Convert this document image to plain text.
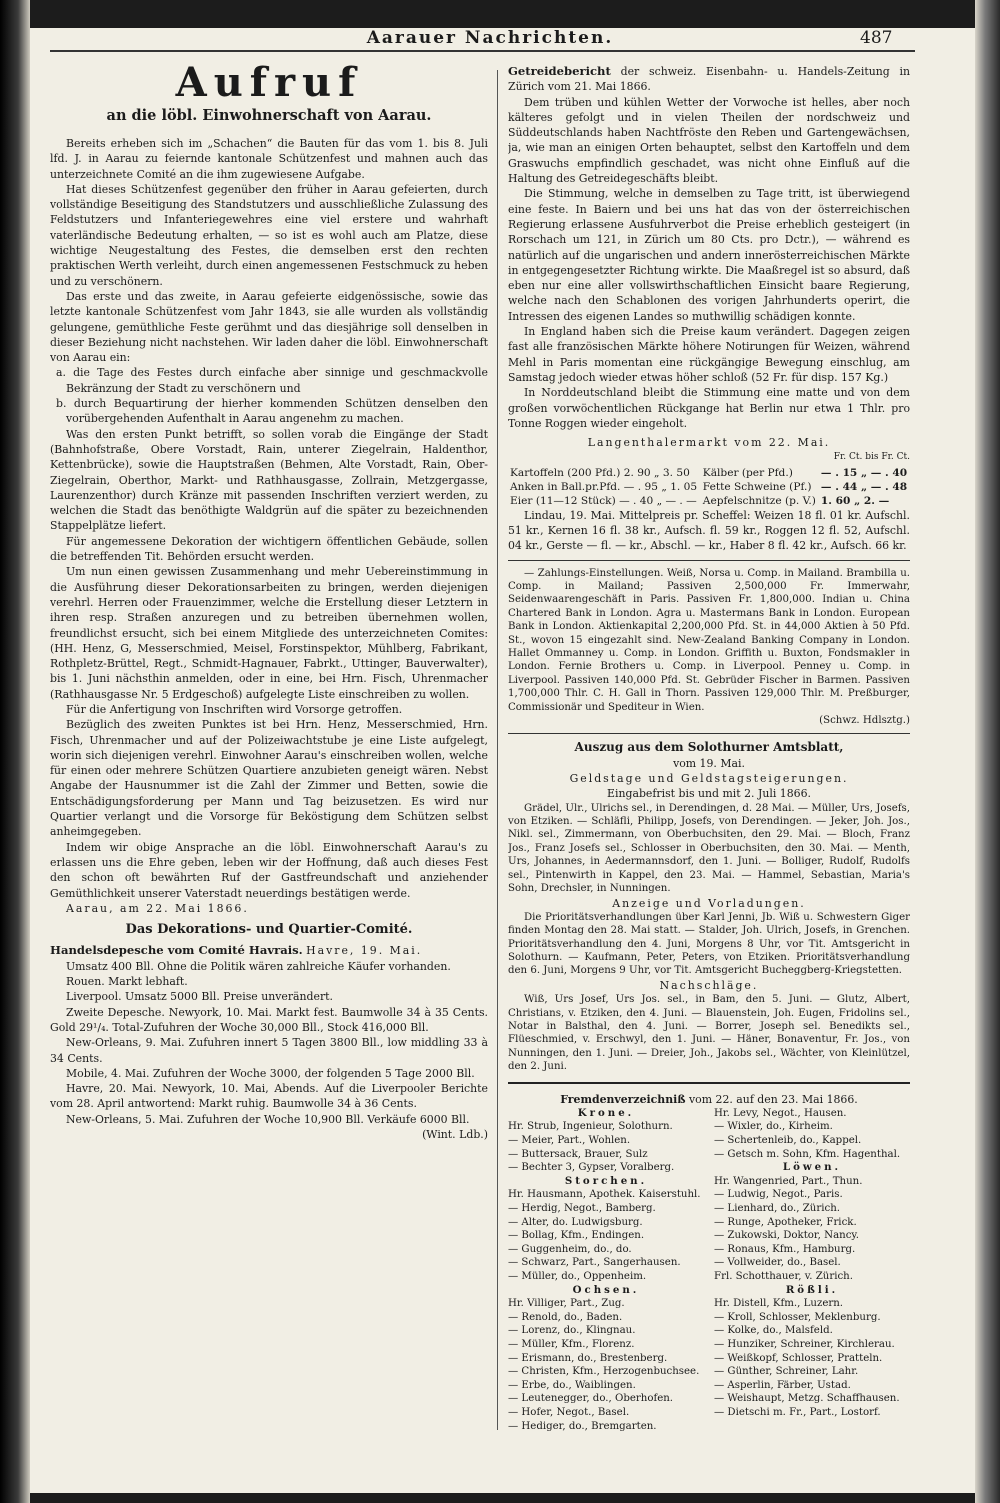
Aarauer Nachrichten.	487
Aufruf
an die löbl. Einwohnerschaft von Aarau.

Bereits erheben sich im „Schachen“ die Bauten für das vom 1. bis 8. Juli lfd. J. in Aarau zu feiernde kantonale Schützenfest und mahnen auch das unterzeichnete Comité an die ihm zugewiesene Aufgabe.

Hat dieses Schützenfest gegenüber den früher in Aarau gefeierten, durch vollständige Beseitigung des Standstutzers und ausschließliche Zulassung des Feldstutzers und Infanteriegewehres eine viel erstere und wahrhaft vaterländische Bedeutung erhalten, — so ist es wohl auch am Platze, diese wichtige Neugestaltung des Festes, die demselben erst den rechten praktischen Werth verleiht, durch einen angemessenen Festschmuck zu heben und zu verschönern.

Das erste und das zweite, in Aarau gefeierte eidgenössische, sowie das letzte kantonale Schützenfest vom Jahr 1843, sie alle wurden als vollständig gelungene, gemüthliche Feste gerühmt und das diesjährige soll denselben in dieser Beziehung nicht nachstehen. Wir laden daher die löbl. Einwohnerschaft von Aarau ein:

a. die Tage des Festes durch einfache aber sinnige und geschmackvolle Bekränzung der Stadt zu verschönern und

b. durch Bequartirung der hierher kommenden Schützen denselben den vorübergehenden Aufenthalt in Aarau angenehm zu machen.

Was den ersten Punkt betrifft, so sollen vorab die Eingänge der Stadt (Bahnhofstraße, Obere Vorstadt, Rain, unterer Ziegelrain, Haldenthor, Kettenbrücke), sowie die Hauptstraßen (Behmen, Alte Vorstadt, Rain, Ober-Ziegelrain, Oberthor, Markt- und Rathhausgasse, Zollrain, Metzgergasse, Laurenzenthor) durch Kränze mit passenden Inschriften verziert werden, zu welchen die Stadt das benöthigte Waldgrün auf die später zu bezeichnenden Stappelplätze liefert.

Für angemessene Dekoration der wichtigern öffentlichen Gebäude, sollen die betreffenden Tit. Behörden ersucht werden.

Um nun einen gewissen Zusammenhang und mehr Uebereinstimmung in die Ausführung dieser Dekorationsarbeiten zu bringen, werden diejenigen verehrl. Herren oder Frauenzimmer, welche die Erstellung dieser Letztern in ihren resp. Straßen anzuregen und zu betreiben übernehmen wollen, freundlichst ersucht, sich bei einem Mitgliede des unterzeichneten Comites: (HH. Henz, G, Messerschmied, Meisel, Forstinspektor, Mühlberg, Fabrikant, Rothpletz-Brüttel, Regt., Schmidt-Hagnauer, Fabrkt., Uttinger, Bauverwalter), bis 1. Juni nächsthin anmelden, oder in eine, bei Hrn. Fisch, Uhrenmacher (Rathhausgasse Nr. 5 Erdgeschoß) aufgelegte Liste einschreiben zu wollen.

Für die Anfertigung von Inschriften wird Vorsorge getroffen.

Bezüglich des zweiten Punktes ist bei Hrn. Henz, Messerschmied, Hrn. Fisch, Uhrenmacher und auf der Polizeiwachtstube je eine Liste aufgelegt, worin sich diejenigen verehrl. Einwohner Aarau's einschreiben wollen, welche für einen oder mehrere Schützen Quartiere anzubieten geneigt wären. Nebst Angabe der Hausnummer ist die Zahl der Zimmer und Betten, sowie die Entschädigungsforderung per Mann und Tag beizusetzen. Es wird nur Quartier verlangt und die Vorsorge für Beköstigung dem Schützen selbst anheimgegeben.

Indem wir obige Ansprache an die löbl. Einwohnerschaft Aarau's zu erlassen uns die Ehre geben, leben wir der Hoffnung, daß auch dieses Fest den schon oft bewährten Ruf der Gastfreundschaft und anziehender Gemüthlichkeit unserer Vaterstadt neuerdings bestätigen werde.

Aarau, am 22. Mai 1866.

Das Dekorations- und Quartier-Comité.

Handelsdepesche vom Comité Havrais. Havre, 19. Mai.

Umsatz 400 Bll. Ohne die Politik wären zahlreiche Käufer vorhanden.

Rouen. Markt lebhaft.

Liverpool. Umsatz 5000 Bll. Preise unverändert.

Zweite Depesche. Newyork, 10. Mai. Markt fest. Baumwolle 34 à 35 Cents. Gold 29¹/₄. Total-Zufuhren der Woche 30,000 Bll., Stock 416,000 Bll.

New-Orleans, 9. Mai. Zufuhren innert 5 Tagen 3800 Bll., low middling 33 à 34 Cents.

Mobile, 4. Mai. Zufuhren der Woche 3000, der folgenden 5 Tage 2000 Bll.

Havre, 20. Mai. Newyork, 10. Mai, Abends. Auf die Liverpooler Berichte vom 28. April antwortend: Markt ruhig. Baumwolle 34 à 36 Cents.

New-Orleans, 5. Mai. Zufuhren der Woche 10,900 Bll. Verkäufe 6000 Bll.

(Wint. Ldb.)

Getreidebericht der schweiz. Eisenbahn- u. Handels-Zeitung in Zürich vom 21. Mai 1866.

Dem trüben und kühlen Wetter der Vorwoche ist helles, aber noch kälteres gefolgt und in vielen Theilen der nordschweiz und Süddeutschlands haben Nachtfröste den Reben und Gartengewächsen, ja, wie man an einigen Orten behauptet, selbst den Kartoffeln und dem Graswuchs empfindlich geschadet, was nicht ohne Einfluß auf die Haltung des Getreidegeschäfts bleibt.

Die Stimmung, welche in demselben zu Tage tritt, ist überwiegend eine feste. In Baiern und bei uns hat das von der österreichischen Regierung erlassene Ausfuhrverbot die Preise erheblich gesteigert (in Rorschach um 121, in Zürich um 80 Cts. pro Dctr.), — während es natürlich auf die ungarischen und andern innerösterreichischen Märkte in entgegengesetzter Richtung wirkte. Die Maaßregel ist so absurd, daß eben nur eine aller vollswirthschaftlichen Einsicht baare Regierung, welche nach den Schablonen des vorigen Jahrhunderts operirt, die Intressen des eigenen Landes so muthwillig schädigen konnte.

In England haben sich die Preise kaum verändert. Dagegen zeigen fast alle französischen Märkte höhere Notirungen für Weizen, während Mehl in Paris momentan eine rückgängige Bewegung einschlug, am Samstag jedoch wieder etwas höher schloß (52 Fr. für disp. 157 Kg.)

In Norddeutschland bleibt die Stimmung eine matte und von dem großen vorwöchentlichen Rückgange hat Berlin nur etwa 1 Thlr. pro Tonne Roggen wieder eingeholt.

Langenthalermarkt vom 22. Mai.

Fr. Ct. bis Fr. Ct.

Kartoffeln (200 Pfd.) 2. 90 „ 3. 50	Kälber (per Pfd.)	— . 15 „ — . 40
Anken in Ball.pr.Pfd. — . 95 „ 1. 05	Fette Schweine (Pf.)	— . 44 „ — . 48
Eier (11—12 Stück) — . 40 „ — . —	Aepfelschnitze (p. V.)	1. 60 „ 2. —

Lindau, 19. Mai. Mittelpreis pr. Scheffel: Weizen 18 fl. 01 kr. Aufschl. 51 kr., Kernen 16 fl. 38 kr., Aufsch. fl. 59 kr., Roggen 12 fl. 52, Aufschl. 04 kr., Gerste — fl. — kr., Abschl. — kr., Haber 8 fl. 42 kr., Aufsch. 66 kr.

— Zahlungs-Einstellungen. Weiß, Norsa u. Comp. in Mailand. Brambilla u. Comp. in Mailand; Passiven 2,500,000 Fr. Immerwahr, Seidenwaarengeschäft in Paris. Passiven Fr. 1,800,000. Indian u. China Chartered Bank in London. Agra u. Mastermans Bank in London. European Bank in London. Aktienkapital 2,200,000 Pfd. St. in 44,000 Aktien à 50 Pfd. St., wovon 15 eingezahlt sind. New-Zealand Banking Company in London. Hallet Ommanney u. Comp. in London. Griffith u. Buxton, Fondsmakler in London. Fernie Brothers u. Comp. in Liverpool. Penney u. Comp. in Liverpool. Passiven 140,000 Pfd. St. Gebrüder Fischer in Barmen. Passiven 1,700,000 Thlr. C. H. Gall in Thorn. Passiven 129,000 Thlr. M. Preßburger, Commissionär und Spediteur in Wien.

(Schwz. Hdlsztg.)

Auszug aus dem Solothurner Amtsblatt,

vom 19. Mai.

Geldstage und Geldstagsteigerungen.

Eingabefrist bis und mit 2. Juli 1866.

Grädel, Ulr., Ulrichs sel., in Derendingen, d. 28 Mai. — Müller, Urs, Josefs, von Etziken. — Schläfli, Philipp, Josefs, von Derendingen. — Jeker, Joh. Jos., Nikl. sel., Zimmermann, von Oberbuchsiten, den 29. Mai. — Bloch, Franz Jos., Franz Josefs sel., Schlosser in Oberbuchsiten, den 30. Mai. — Menth, Urs, Johannes, in Aedermannsdorf, den 1. Juni. — Bolliger, Rudolf, Rudolfs sel., Pintenwirth in Kappel, den 23. Mai. — Hammel, Sebastian, Maria's Sohn, Drechsler, in Nunningen.

Anzeige und Vorladungen.

Die Prioritätsverhandlungen über Karl Jenni, Jb. Wiß u. Schwestern Giger finden Montag den 28. Mai statt. — Stalder, Joh. Ulrich, Josefs, in Grenchen. Prioritätsverhandlung den 4. Juni, Morgens 8 Uhr, vor Tit. Amtsgericht in Solothurn. — Kaufmann, Peter, Peters, von Etziken. Prioritätsverhandlung den 6. Juni, Morgens 9 Uhr, vor Tit. Amtsgericht Bucheggberg-Kriegstetten.

Nachschläge.

Wiß, Urs Josef, Urs Jos. sel., in Bam, den 5. Juni. — Glutz, Albert, Christians, v. Etziken, den 4. Juni. — Blauenstein, Joh. Eugen, Fridolins sel., Notar in Balsthal, den 4. Juni. — Borrer, Joseph sel. Benedikts sel., Flüeschmied, v. Erschwyl, den 1. Juni. — Häner, Bonaventur, Fr. Jos., von Nunningen, den 1. Juni. — Dreier, Joh., Jakobs sel., Wächter, von Kleinlützel, den 2. Juni.

Fremdenverzeichniß vom 22. auf den 23. Mai 1866.

Krone.
Hr. Strub, Ingenieur, Solothurn.
— Meier, Part., Wohlen.
— Buttersack, Brauer, Sulz
— Bechter 3, Gypser, Voralberg.
Storchen.
Hr. Hausmann, Apothek. Kaiserstuhl.
— Herdig, Negot., Bamberg.
— Alter, do. Ludwigsburg.
— Bollag, Kfm., Endingen.
— Guggenheim, do., do.
— Schwarz, Part., Sangerhausen.
— Müller, do., Oppenheim.
Ochsen.
Hr. Villiger, Part., Zug.
— Renold, do., Baden.
— Lorenz, do., Klingnau.
— Müller, Kfm., Florenz.
— Erismann, do., Brestenberg.
— Christen, Kfm., Herzogenbuchsee.
— Erbe, do., Waiblingen.
— Leutenegger, do., Oberhofen.
— Hofer, Negot., Basel.
— Hediger, do., Bremgarten.
Hr. Levy, Negot., Hausen.
— Wixler, do., Kirheim.
— Schertenleib, do., Kappel.
— Getsch m. Sohn, Kfm. Hagenthal.
Löwen.
Hr. Wangenried, Part., Thun.
— Ludwig, Negot., Paris.
— Lienhard, do., Zürich.
— Runge, Apotheker, Frick.
— Zukowski, Doktor, Nancy.
— Ronaus, Kfm., Hamburg.
— Vollweider, do., Basel.
Frl. Schotthauer, v. Zürich.
Rößli.
Hr. Distell, Kfm., Luzern.
— Kroll, Schlosser, Meklenburg.
— Kolke, do., Malsfeld.
— Hunziker, Schreiner, Kirchlerau.
— Weißkopf, Schlosser, Pratteln.
— Günther, Schreiner, Lahr.
— Asperlin, Färber, Ustad.
— Weishaupt, Metzg. Schaffhausen.
— Dietschi m. Fr., Part., Lostorf.
